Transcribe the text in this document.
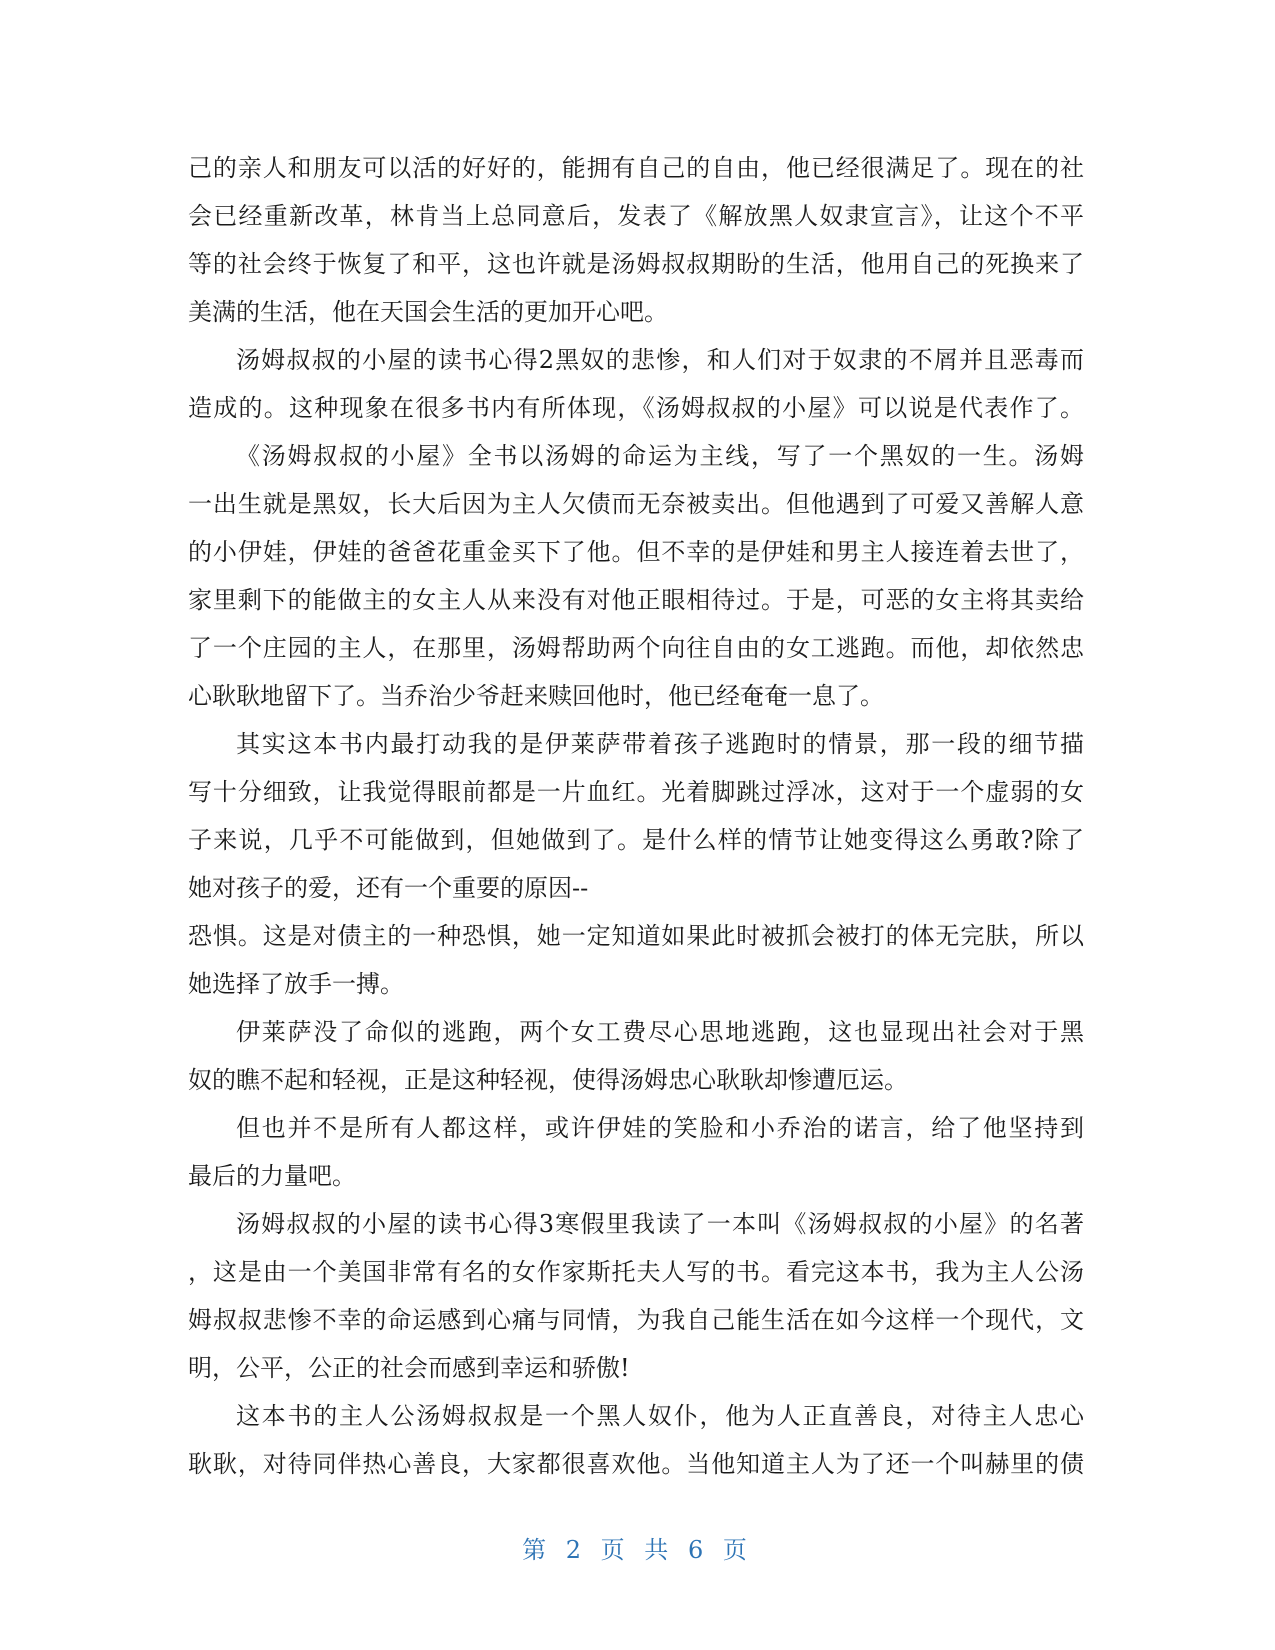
己的亲人和朋友可以活的好好的，能拥有自己的自由，他已经很满足了。现在的社
会已经重新改革，林肯当上总同意后，发表了《解放黑人奴隶宣言》，让这个不平
等的社会终于恢复了和平，这也许就是汤姆叔叔期盼的生活，他用自己的死换来了
美满的生活，他在天国会生活的更加开心吧。
汤姆叔叔的小屋的读书心得2黑奴的悲惨，和人们对于奴隶的不屑并且恶毒而
造成的。这种现象在很多书内有所体现，《汤姆叔叔的小屋》可以说是代表作了。
《汤姆叔叔的小屋》全书以汤姆的命运为主线，写了一个黑奴的一生。汤姆
一出生就是黑奴，长大后因为主人欠债而无奈被卖出。但他遇到了可爱又善解人意
的小伊娃，伊娃的爸爸花重金买下了他。但不幸的是伊娃和男主人接连着去世了，
家里剩下的能做主的女主人从来没有对他正眼相待过。于是，可恶的女主将其卖给
了一个庄园的主人，在那里，汤姆帮助两个向往自由的女工逃跑。而他，却依然忠
心耿耿地留下了。当乔治少爷赶来赎回他时，他已经奄奄一息了。
其实这本书内最打动我的是伊莱萨带着孩子逃跑时的情景，那一段的细节描
写十分细致，让我觉得眼前都是一片血红。光着脚跳过浮冰，这对于一个虚弱的女
子来说，几乎不可能做到，但她做到了。是什么样的情节让她变得这么勇敢?除了
她对孩子的爱，还有一个重要的原因--
恐惧。这是对债主的一种恐惧，她一定知道如果此时被抓会被打的体无完肤，所以
她选择了放手一搏。
伊莱萨没了命似的逃跑，两个女工费尽心思地逃跑，这也显现出社会对于黑
奴的瞧不起和轻视，正是这种轻视，使得汤姆忠心耿耿却惨遭厄运。
但也并不是所有人都这样，或许伊娃的笑脸和小乔治的诺言，给了他坚持到
最后的力量吧。
汤姆叔叔的小屋的读书心得3寒假里我读了一本叫《汤姆叔叔的小屋》的名著
，这是由一个美国非常有名的女作家斯托夫人写的书。看完这本书，我为主人公汤
姆叔叔悲惨不幸的命运感到心痛与同情，为我自己能生活在如今这样一个现代，文
明，公平，公正的社会而感到幸运和骄傲!
这本书的主人公汤姆叔叔是一个黑人奴仆，他为人正直善良，对待主人忠心
耿耿，对待同伴热心善良，大家都很喜欢他。当他知道主人为了还一个叫赫里的债
第 2 页 共 6 页
